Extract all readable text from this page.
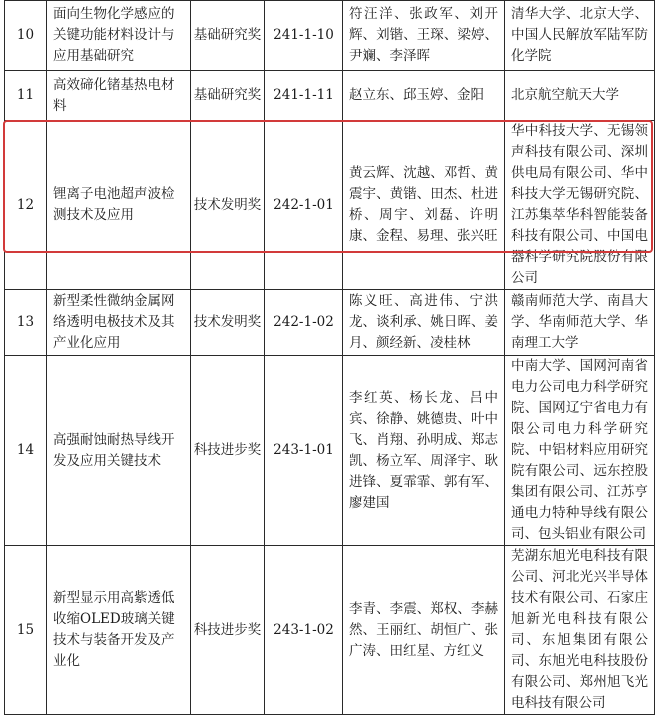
10	面向生物化学感应的关键功能材料设计与应用基础研究	基础研究奖	241-1-10	符汪洋、张政军、刘开辉、刘锴、王琛、梁婷、尹斓、李泽晖	清华大学、北京大学、中国人民解放军陆军防化学院
11	高效碲化锗基热电材料	基础研究奖	241-1-11	赵立东、邱玉婷、金阳	北京航空航天大学
12	锂离子电池超声波检测技术及应用	技术发明奖	242-1-01	黄云辉、沈越、邓哲、黄震宇、黄锴、田杰、杜进桥、周宇、刘磊、许明康、金程、易理、张兴旺	华中科技大学、无锡领声科技有限公司、深圳供电局有限公司、华中科技大学无锡研究院、江苏集萃华科智能装备科技有限公司、中国电器科学研究院股份有限公司
13	新型柔性微纳金属网络透明电极技术及其产业化应用	技术发明奖	242-1-02	陈义旺、高进伟、宁洪龙、谈利承、姚日晖、姜月、颜经新、凌桂林	赣南师范大学、南昌大学、华南师范大学、华南理工大学
14	高强耐蚀耐热导线开发及应用关键技术	科技进步奖	243-1-01	李红英、杨长龙、吕中宾、徐静、姚德贵、叶中飞、肖翔、孙明成、郑志凯、杨立军、周泽宇、耿进锋、夏霏霏、郭有军、廖建国	中南大学、国网河南省电力公司电力科学研究院、国网辽宁省电力有限公司电力科学研究院、中铝材料应用研究院有限公司、远东控股集团有限公司、江苏亨通电力特种导线有限公司、包头铝业有限公司
15	新型显示用高紫透低收缩OLED玻璃关键技术与装备开发及产业化	科技进步奖	243-1-02	李青、李震、郑权、李赫然、王丽红、胡恒广、张广涛、田红星、方红义	芜湖东旭光电科技有限公司、河北光兴半导体技术有限公司、石家庄旭新光电科技有限公司、东旭集团有限公司、东旭光电科技股份有限公司、郑州旭飞光电科技有限公司
